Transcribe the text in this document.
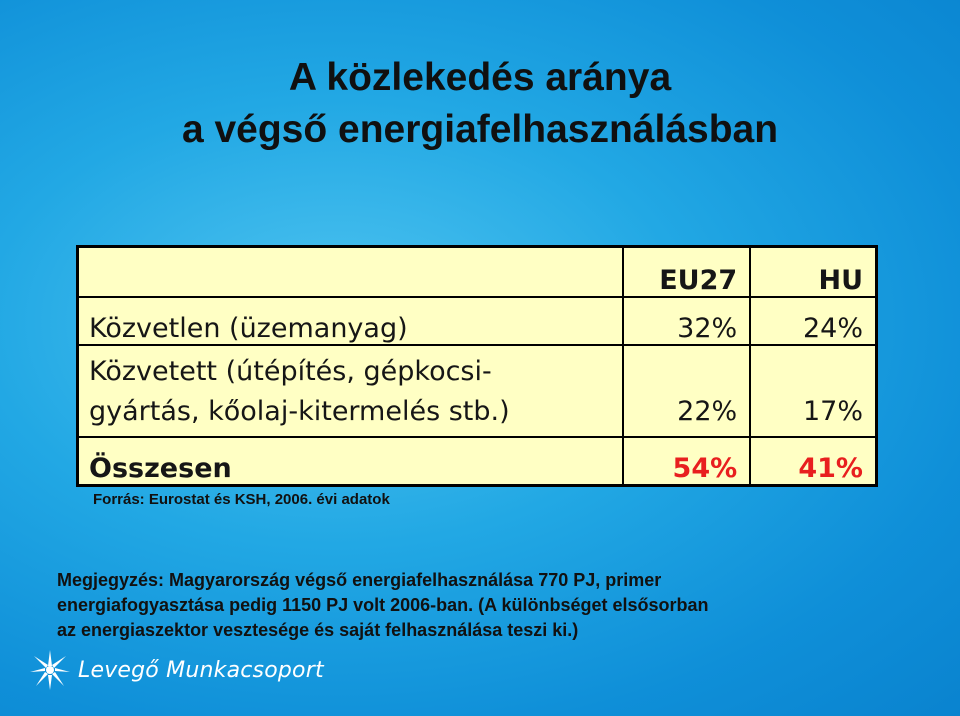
A közlekedés aránya
a végső energiafelhasználásban
	EU27	HU
Közvetlen (üzemanyag)	32%	24%
Közvetett (útépítés, gépkocsi-
gyártás, kőolaj-kitermelés stb.)	22%	17%
Összesen	54%	41%
Forrás: Eurostat és KSH, 2006. évi adatok
Megjegyzés: Magyarország végső energiafelhasználása 770 PJ, primer
energiafogyasztása pedig 1150 PJ volt 2006-ban. (A különbséget elsősorban
az energiaszektor vesztesége és saját felhasználása teszi ki.)
Levegő Munkacsoport
